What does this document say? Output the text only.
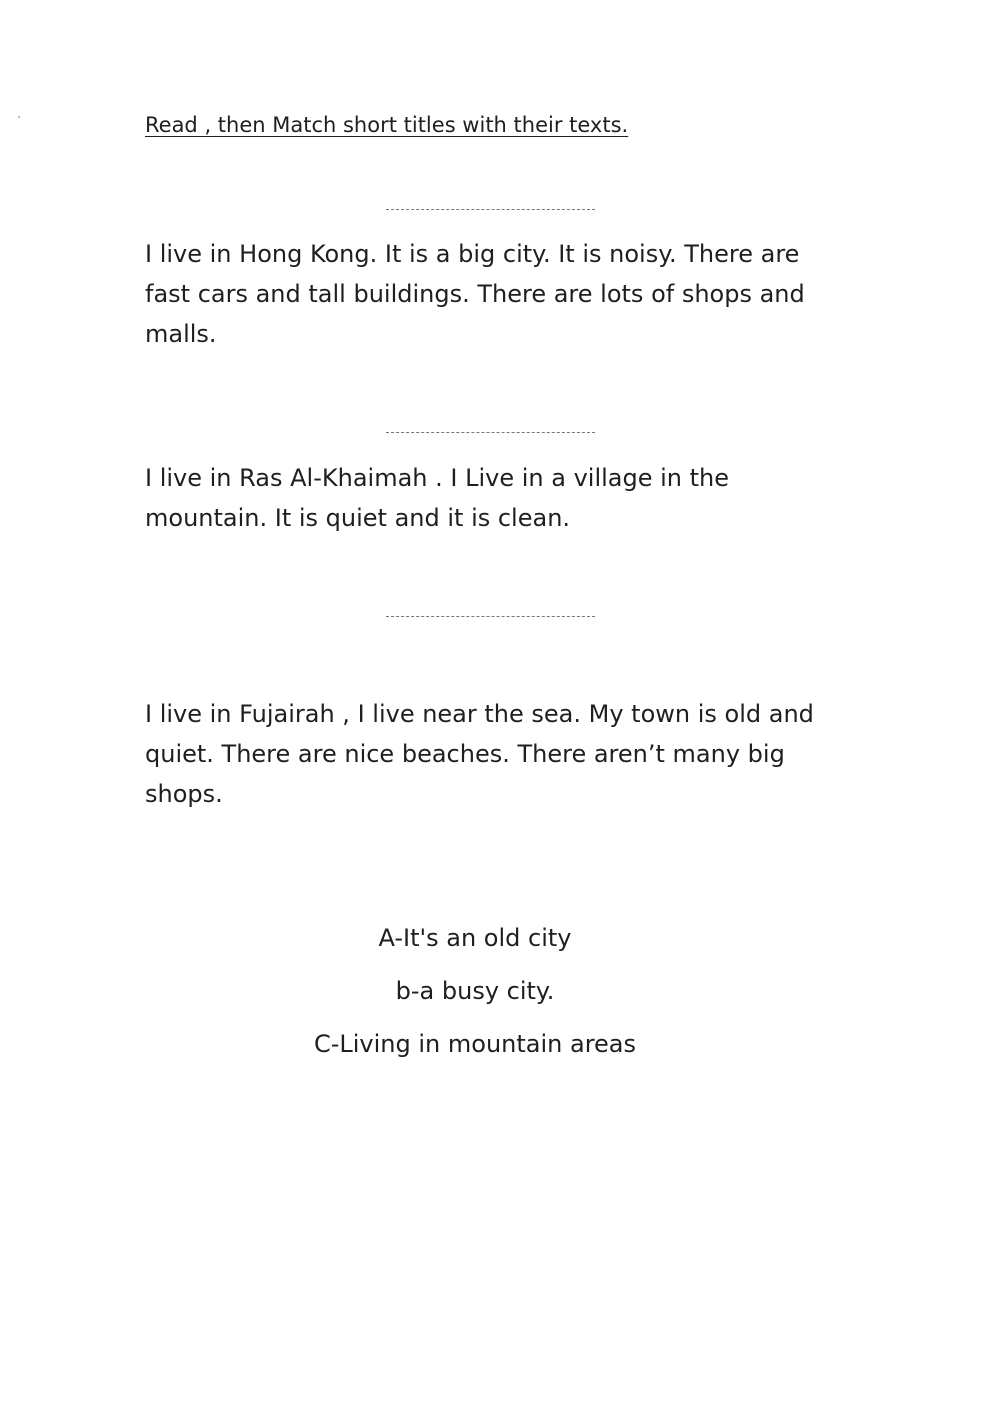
Read , then Match short titles with their texts.

I live in Hong Kong. It is a big city. It is noisy. There are fast cars and tall buildings. There are lots of shops and malls.

I live in Ras Al-Khaimah . I Live in a village in the mountain. It is quiet and it is clean.

I live in Fujairah , I live near the sea. My town is old and quiet. There are nice beaches. There aren’t many big shops.

A-It's an old city
b-a busy city.
C-Living in mountain areas
